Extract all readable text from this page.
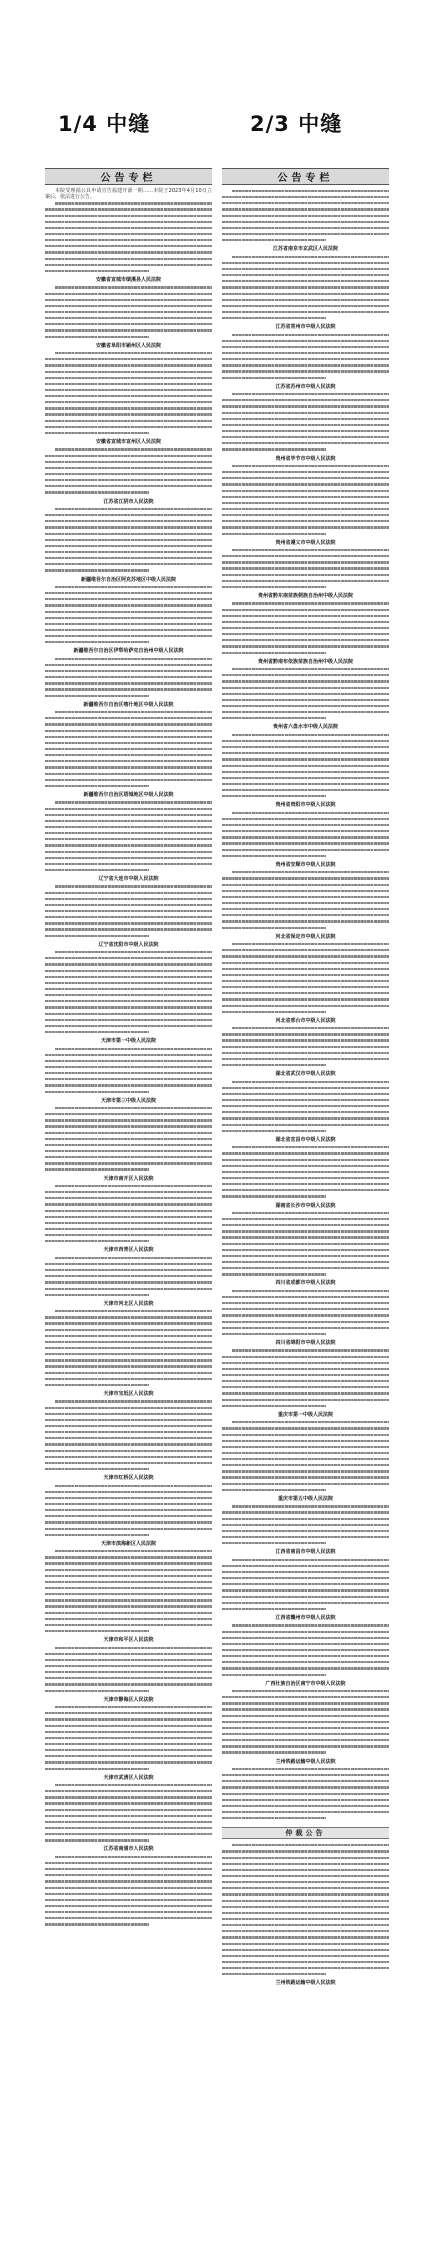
1/4 中缝	2/3 中缝
公告专栏

本院受理福公具申请宣告福建开源一期……本院于2023年4月10日立案后，依法进行公告。

安徽省宣城市绩溪县人民法院
安徽省阜阳市颍州区人民法院
安徽省宣城市宣州区人民法院
江苏省江阴市人民法院
新疆维吾尔自治区阿克苏地区中级人民法院
新疆维吾尔自治区伊犁哈萨克自治州中级人民法院
新疆维吾尔自治区喀什地区中级人民法院
新疆维吾尔自治区塔城地区中级人民法院
辽宁省大连市中级人民法院
辽宁省沈阳市中级人民法院
天津市第一中级人民法院
天津市第三中级人民法院
天津市南开区人民法院
天津市西青区人民法院
天津市河北区人民法院
天津市宝坻区人民法院
天津市红桥区人民法院
天津市滨海新区人民法院
天津市和平区人民法院
天津市静海区人民法院
天津市武清区人民法院
江苏省南通市人民法院
公告专栏
江苏省南京市玄武区人民法院
江苏省常州市中级人民法院
江苏省苏州市中级人民法院
贵州省毕节市中级人民法院
贵州省遵义市中级人民法院
贵州省黔东南苗族侗族自治州中级人民法院
贵州省黔南布依族苗族自治州中级人民法院
贵州省六盘水市中级人民法院
贵州省贵阳市中级人民法院
贵州省安顺市中级人民法院
河北省保定市中级人民法院
河北省邢台市中级人民法院
湖北省武汉市中级人民法院
湖北省宜昌市中级人民法院
湖南省长沙市中级人民法院
四川省成都市中级人民法院
四川省绵阳市中级人民法院
重庆市第一中级人民法院
重庆市第五中级人民法院
江西省南昌市中级人民法院
江西省赣州市中级人民法院
广西壮族自治区南宁市中级人民法院
兰州铁路运输中级人民法院
仲裁公告
兰州铁路运输中级人民法院
